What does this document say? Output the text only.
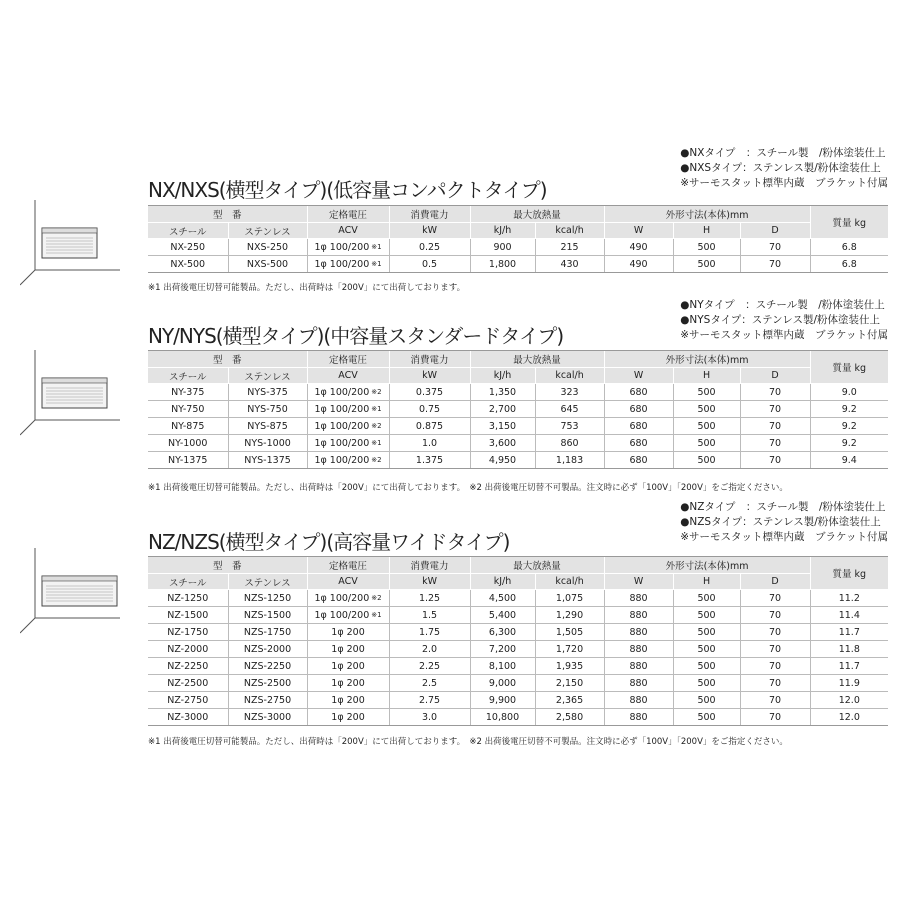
●NXタイプ　：スチール製　/粉体塗装仕上
●NXSタイプ：ステンレス製/粉体塗装仕上
※サーモスタット標準内蔵　ブラケット付属
NX/NXS(横型タイプ)(低容量コンパクトタイプ)
型　番		定格電圧	消費電力	最大放熱量		外形寸法(本体)mm			質量 kg
スチール	ステンレス	ACV	kW	kJ/h	kcal/h	W	H	D	
NX-250	NXS-250	1φ 100/200 $^{※1}$	0.25	900	215	490	500	70	6.8
NX-500	NXS-500	1φ 100/200 $^{※1}$	0.5	1,800	430	490	500	70	6.8
※1 出荷後電圧切替可能製品。ただし、出荷時は「200V」にて出荷しております。
●NYタイプ　：スチール製　/粉体塗装仕上
●NYSタイプ：ステンレス製/粉体塗装仕上
※サーモスタット標準内蔵　ブラケット付属
NY/NYS(横型タイプ)(中容量スタンダードタイプ)
型　番		定格電圧	消費電力	最大放熱量		外形寸法(本体)mm			質量 kg
スチール	ステンレス	ACV	kW	kJ/h	kcal/h	W	H	D	
NY-375	NYS-375	1φ 100/200 $^{※2}$	0.375	1,350	323	680	500	70	9.0
NY-750	NYS-750	1φ 100/200 $^{※1}$	0.75	2,700	645	680	500	70	9.2
NY-875	NYS-875	1φ 100/200 $^{※2}$	0.875	3,150	753	680	500	70	9.2
NY-1000	NYS-1000	1φ 100/200 $^{※1}$	1.0	3,600	860	680	500	70	9.2
NY-1375	NYS-1375	1φ 100/200 $^{※2}$	1.375	4,950	1,183	680	500	70	9.4
※1 出荷後電圧切替可能製品。ただし、出荷時は「200V」にて出荷しております。　※2 出荷後電圧切替不可製品。注文時に必ず「100V」「200V」をご指定ください。
●NZタイプ　：スチール製　/粉体塗装仕上
●NZSタイプ：ステンレス製/粉体塗装仕上
※サーモスタット標準内蔵　ブラケット付属
NZ/NZS(横型タイプ)(高容量ワイドタイプ)
型　番		定格電圧	消費電力	最大放熱量		外形寸法(本体)mm			質量 kg
スチール	ステンレス	ACV	kW	kJ/h	kcal/h	W	H	D	
NZ-1250	NZS-1250	1φ 100/200 $^{※2}$	1.25	4,500	1,075	880	500	70	11.2
NZ-1500	NZS-1500	1φ 100/200 $^{※1}$	1.5	5,400	1,290	880	500	70	11.4
NZ-1750	NZS-1750	1φ 200	1.75	6,300	1,505	880	500	70	11.7
NZ-2000	NZS-2000	1φ 200	2.0	7,200	1,720	880	500	70	11.8
NZ-2250	NZS-2250	1φ 200	2.25	8,100	1,935	880	500	70	11.7
NZ-2500	NZS-2500	1φ 200	2.5	9,000	2,150	880	500	70	11.9
NZ-2750	NZS-2750	1φ 200	2.75	9,900	2,365	880	500	70	12.0
NZ-3000	NZS-3000	1φ 200	3.0	10,800	2,580	880	500	70	12.0
※1 出荷後電圧切替可能製品。ただし、出荷時は「200V」にて出荷しております。　※2 出荷後電圧切替不可製品。注文時に必ず「100V」「200V」をご指定ください。
